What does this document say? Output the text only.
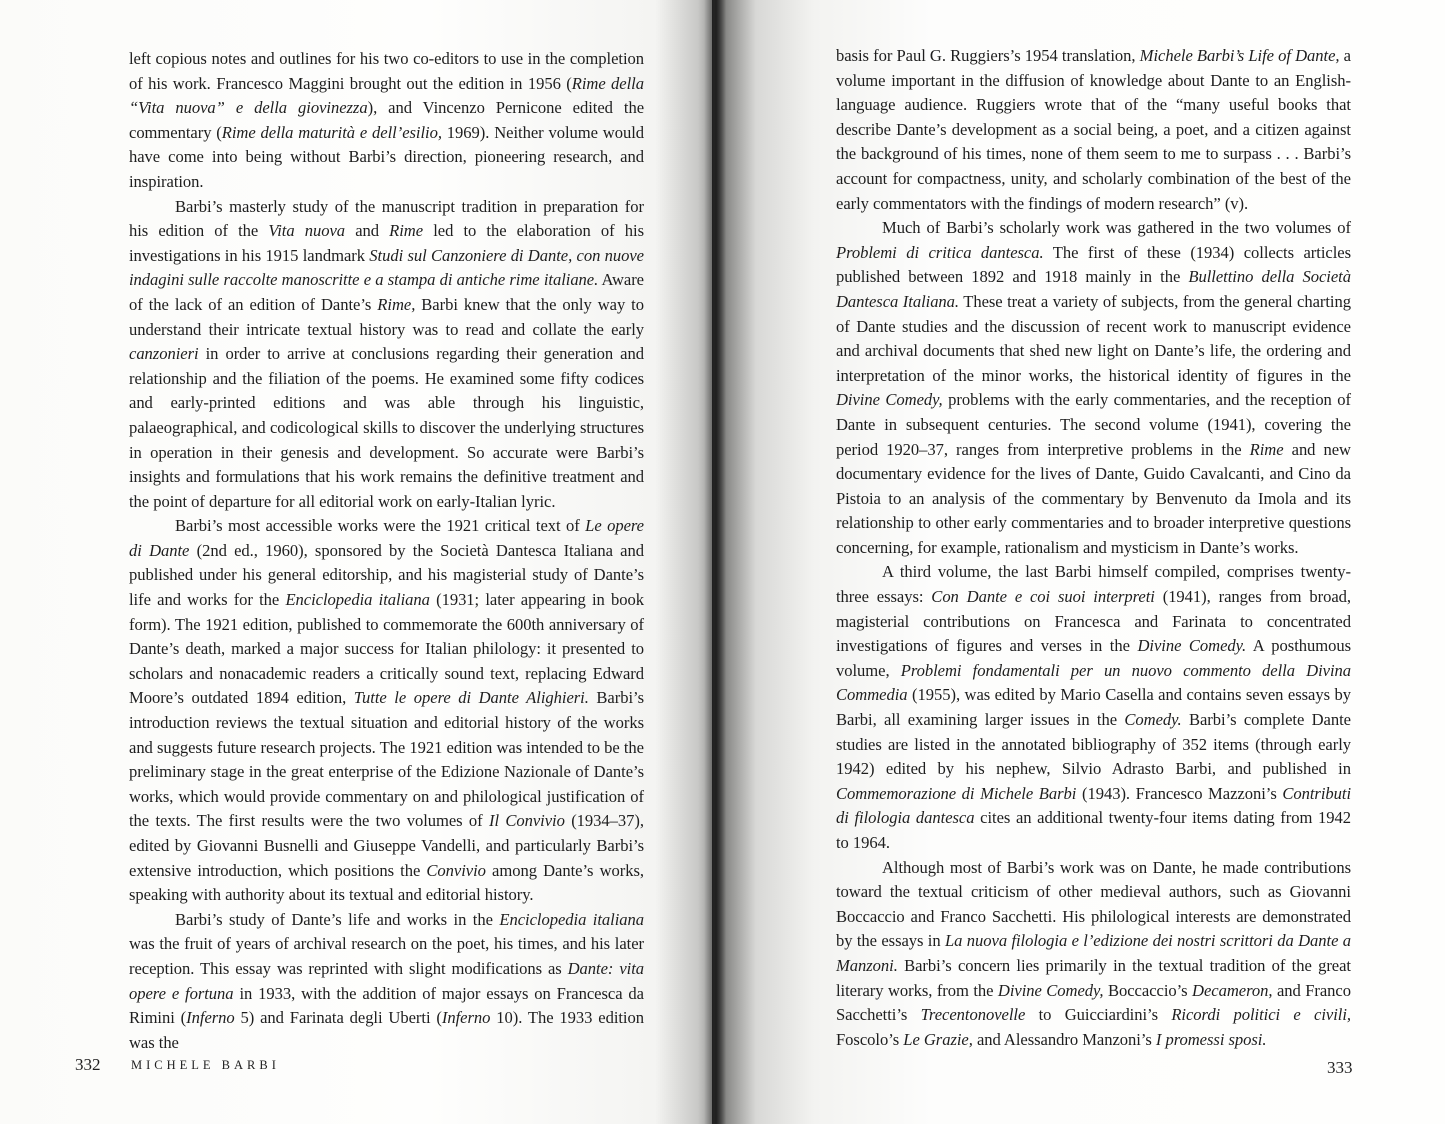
left copious notes and outlines for his two co-editors to use in the completion of his work. Francesco Maggini brought out the edition in 1956 (Rime della “Vita nuova” e della giovinezza), and Vincenzo Pernicone edited the commentary (Rime della maturità e dell’esilio, 1969). Neither volume would have come into being without Barbi’s direction, pioneering research, and inspiration.

Barbi’s masterly study of the manuscript tradition in preparation for his edition of the Vita nuova and Rime led to the elaboration of his investigations in his 1915 landmark Studi sul Canzoniere di Dante, con nuove indagini sulle raccolte manoscritte e a stampa di antiche rime italiane. Aware of the lack of an edition of Dante’s Rime, Barbi knew that the only way to understand their intricate textual history was to read and collate the early canzonieri in order to arrive at conclusions regarding their generation and relationship and the filiation of the poems. He examined some fifty codices and early-printed editions and was able through his linguistic, palaeographical, and codicological skills to discover the underlying structures in operation in their genesis and development. So accurate were Barbi’s insights and formulations that his work remains the definitive treatment and the point of departure for all editorial work on early-Italian lyric.

Barbi’s most accessible works were the 1921 critical text of Le opere di Dante (2nd ed., 1960), sponsored by the Società Dantesca Italiana and published under his general editorship, and his magisterial study of Dante’s life and works for the Enciclopedia italiana (1931; later appearing in book form). The 1921 edition, published to commemorate the 600th anniversary of Dante’s death, marked a major success for Italian philology: it presented to scholars and nonacademic readers a critically sound text, replacing Edward Moore’s outdated 1894 edition, Tutte le opere di Dante Alighieri. Barbi’s introduction reviews the textual situation and editorial history of the works and suggests future research projects. The 1921 edition was intended to be the preliminary stage in the great enterprise of the Edizione Nazionale of Dante’s works, which would provide commentary on and philological justification of the texts. The first results were the two volumes of Il Convivio (1934–37), edited by Giovanni Busnelli and Giuseppe Vandelli, and particularly Barbi’s extensive introduction, which positions the Convivio among Dante’s works, speaking with authority about its textual and editorial history.

Barbi’s study of Dante’s life and works in the Enciclopedia italiana was the fruit of years of archival research on the poet, his times, and his later reception. This essay was reprinted with slight modifications as Dante: vita opere e fortuna in 1933, with the addition of major essays on Francesca da Rimini (Inferno 5) and Farinata degli Uberti (Inferno 10). The 1933 edition was the

basis for Paul G. Ruggiers’s 1954 translation, Michele Barbi’s Life of Dante, a volume important in the diffusion of knowledge about Dante to an English-language audience. Ruggiers wrote that of the “many useful books that describe Dante’s development as a social being, a poet, and a citizen against the background of his times, none of them seem to me to surpass . . . Barbi’s account for compactness, unity, and scholarly combination of the best of the early commentators with the findings of modern research” (v).

Much of Barbi’s scholarly work was gathered in the two volumes of Problemi di critica dantesca. The first of these (1934) collects articles published between 1892 and 1918 mainly in the Bullettino della Società Dantesca Italiana. These treat a variety of subjects, from the general charting of Dante studies and the discussion of recent work to manuscript evidence and archival documents that shed new light on Dante’s life, the ordering and interpretation of the minor works, the historical identity of figures in the Divine Comedy, problems with the early commentaries, and the reception of Dante in subsequent centuries. The second volume (1941), covering the period 1920–37, ranges from interpretive problems in the Rime and new documentary evidence for the lives of Dante, Guido Cavalcanti, and Cino da Pistoia to an analysis of the commentary by Benvenuto da Imola and its relationship to other early commentaries and to broader interpretive questions concerning, for example, rationalism and mysticism in Dante’s works.

A third volume, the last Barbi himself compiled, comprises twenty-three essays: Con Dante e coi suoi interpreti (1941), ranges from broad, magisterial contributions on Francesca and Farinata to concentrated investigations of figures and verses in the Divine Comedy. A posthumous volume, Problemi fondamentali per un nuovo commento della Divina Commedia (1955), was edited by Mario Casella and contains seven essays by Barbi, all examining larger issues in the Comedy. Barbi’s complete Dante studies are listed in the annotated bibliography of 352 items (through early 1942) edited by his nephew, Silvio Adrasto Barbi, and published in Commemorazione di Michele Barbi (1943). Francesco Mazzoni’s Contributi di filologia dantesca cites an additional twenty-four items dating from 1942 to 1964.

Although most of Barbi’s work was on Dante, he made contributions toward the textual criticism of other medieval authors, such as Giovanni Boccaccio and Franco Sacchetti. His philological interests are demonstrated by the essays in La nuova filologia e l’edizione dei nostri scrittori da Dante a Manzoni. Barbi’s concern lies primarily in the textual tradition of the great literary works, from the Divine Comedy, Boccaccio’s Decameron, and Franco Sacchetti’s Trecentonovelle to Guicciardini’s Ricordi politici e civili, Foscolo’s Le Grazie, and Alessandro Manzoni’s I promessi sposi.

332 MICHELE BARBI	333
